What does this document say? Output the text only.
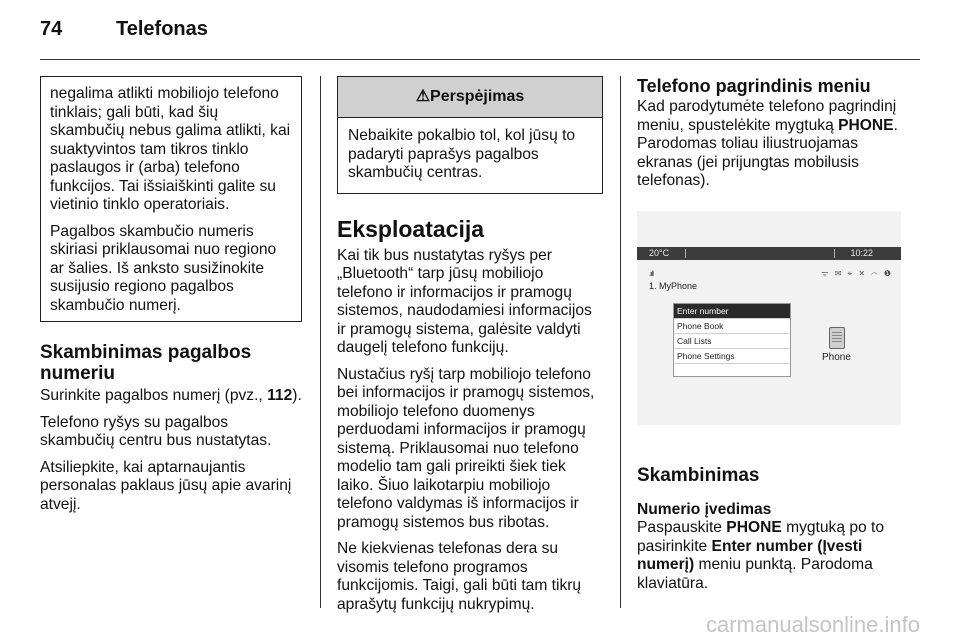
74	Telefonas

negalima atlikti mobiliojo telefono tinklais; gali būti, kad šių skambučių nebus galima atlikti, kai suaktyvintos tam tikros tinklo paslaugos ir (arba) telefono funkcijos. Tai išsiaiškinti galite su vietinio tinklo operatoriais.

Pagalbos skambučio numeris skiriasi priklausomai nuo regiono ar šalies. Iš anksto susižinokite susijusio regiono pagalbos skambučio numerį.

Skambinimas pagalbos numeriu

Surinkite pagalbos numerį (pvz., 112).

Telefono ryšys su pagalbos skambučių centru bus nustatytas.

Atsiliepkite, kai aptarnaujantis personalas paklaus jūsų apie avarinį atvejį.

⚠Perspėjimas
Nebaikite pokalbio tol, kol jūsų to padaryti paprašys pagalbos skambučių centras.
Eksploatacija

Kai tik bus nustatytas ryšys per „Bluetooth“ tarp jūsų mobiliojo telefono ir informacijos ir pramogų sistemos, naudodamiesi informacijos ir pramogų sistema, galėsite valdyti daugelį telefono funkcijų.

Nustačius ryšį tarp mobiliojo telefono bei informacijos ir pramogų sistemos, mobiliojo telefono duomenys perduodami informacijos ir pramogų sistemą. Priklausomai nuo telefono modelio tam gali prireikti šiek tiek laiko. Šiuo laikotarpiu mobiliojo telefono valdymas iš informacijos ir pramogų sistemos bus ribotas.

Ne kiekvienas telefonas dera su visomis telefono programos funkcijomis. Taigi, gali būti tam tikrų aprašytų funkcijų nukrypimų.

Telefono pagrindinis meniu

Kad parodytumėte telefono pagrindinį meniu, spustelėkite mygtuką PHONE. Parodomas toliau iliustruojamas ekranas (jei prijungtas mobilusis telefonas).

20°C	10:22
.ııll	ᯤ ✉ ⌖ ✕ ⌒ ❶
1. MyPhone
Enter number
Phone Book
Call Lists
Phone Settings	Phone
Skambinimas
Numerio įvedimas

Paspauskite PHONE mygtuką po to pasirinkite Enter number (Įvesti numerį) meniu punktą. Parodoma klaviatūra.

carmanualsonline.info
